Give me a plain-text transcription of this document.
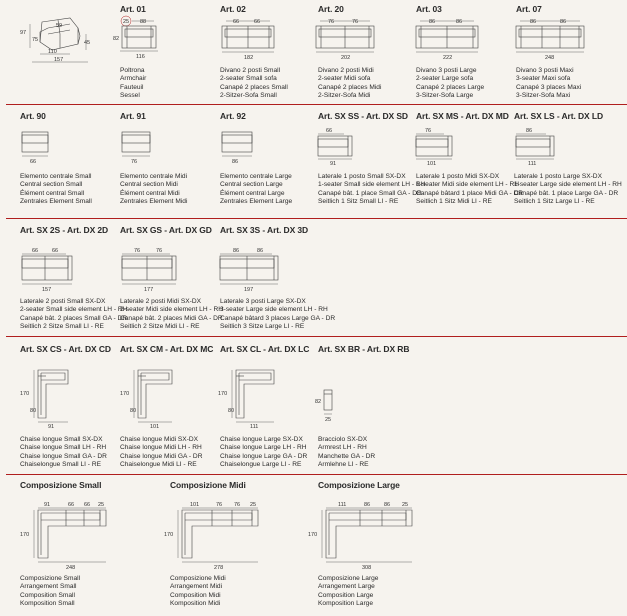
97
75
59
45
110
157
Art. 01
25 88
82
116
Poltrona
Armchair
Fauteuil
Sessel
Art. 02
66	66
182
Divano 2 posti Small
2-seater Small sofa
Canapé 2 places Small
2-Sitzer-Sofa Small
Art. 20
76	76
202
Divano 2 posti Midi
2-seater Midi sofa
Canapé 2 places Midi
2-Sitzer-Sofa Midi
Art. 03
86	86
222
Divano 3 posti Large
2-seater Large sofa
Canapé 2 places Large
3-Sitzer-Sofa Large
Art. 07
86	86
248
Divano 3 posti Maxi
3-seater Maxi sofa
Canapé 3 places Maxi
3-Sitzer-Sofa Maxi
Art. 90
66
Elemento centrale Small
Central section Small
Élément central Small
Zentrales Element Small
Art. 91
76
Elemento centrale Midi
Central section Midi
Élément central Midi
Zentrales Element Midi
Art. 92
86
Elemento centrale Large
Central section Large
Élément central Large
Zentrales Element Large
Art. SX SS - Art. DX SD
66
91
Laterale 1 posto Small SX-DX
1-seater Small side element LH - RH
Canapé bât. 1 place Small GA - DR
Seitlich 1 Sitz Small LI - RE
Art. SX MS - Art. DX MD
76
101
Laterale 1 posto Midi SX-DX
1-seater Midi side element LH - RH
Canapé bâtard 1 place Midi GA - DR
Seitlich 1 Sitz Midi LI - RE
Art. SX LS - Art. DX LD
86
111
Laterale 1 posto Large SX-DX
1-seater Large side element LH - RH
Canapé bât. 1 place Large GA - DR
Seitlich 1 Sitz Large LI - RE
Art. SX 2S - Art. DX 2D
66	66
157
Laterale 2 posti Small SX-DX
2-seater Small side element LH - RH
Canapé bât. 2 places Small GA - DR
Seitlich 2 Sitze Small LI - RE
Art. SX GS - Art. DX GD
76	76
177
Laterale 2 posti Midi SX-DX
2-seater Midi side element LH - RH
Canapé bât. 2 places Midi GA - DR
Seitlich 2 Sitze Midi LI - RE
Art. SX 3S - Art. DX 3D
86	86
197
Laterale 3 posti Large SX-DX
3-seater Large side element LH - RH
Canapé bâtard 3 places Large GA - DR
Seitlich 3 Sitze Large LI - RE
Art. SX CS - Art. DX CD
170
80
91
Chaise longue Small SX-DX
Chaise longue Small LH - RH
Chaise longue Small GA - DR
Chaiselongue Small LI - RE
Art. SX CM - Art. DX MC
170
80
101
Chaise longue Midi SX-DX
Chaise longue Midi LH - RH
Chaise longue Midi GA - DR
Chaiselongue Midi LI - RE
Art. SX CL - Art. DX LC
170
80
111
Chaise longue Large SX-DX
Chaise longue Large LH - RH
Chaise longue Large GA - DR
Chaiselongue Large LI - RE
Art. SX BR - Art. DX RB
82
25
Bracciolo SX-DX
Armrest LH - RH
Manchette GA - DR
Armlehne LI - RE
Composizione Small
91	66 66 25
170
248
Composizione Small
Arrangement Small
Composition Small
Komposition Small
Composizione Midi
101	76 76 25
170
278
Composizione Midi
Arrangement Midi
Composition Midi
Komposition Midi
Composizione Large
111	86	86 25
170
308
Composizione Large
Arrangement Large
Composition Large
Komposition Large
